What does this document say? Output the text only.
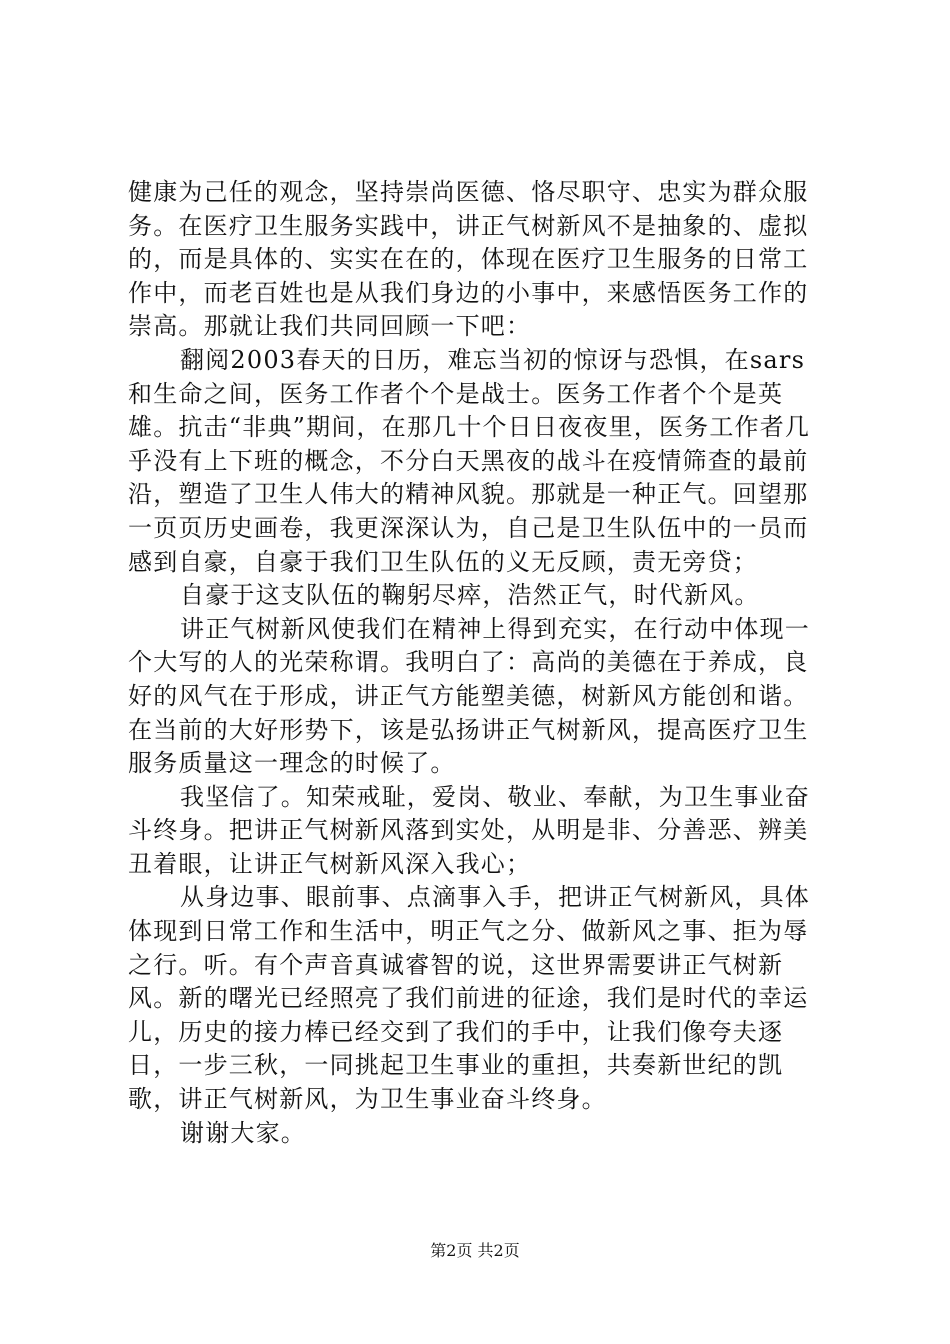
健康为己任的观念，坚持崇尚医德、恪尽职守、忠实为群众服务。在医疗卫生服务实践中，讲正气树新风不是抽象的、虚拟的，而是具体的、实实在在的，体现在医疗卫生服务的日常工作中，而老百姓也是从我们身边的小事中，来感悟医务工作的崇高。那就让我们共同回顾一下吧：

翻阅2003春天的日历，难忘当初的惊讶与恐惧，在sars和生命之间，医务工作者个个是战士。医务工作者个个是英雄。抗击“非典”期间，在那几十个日日夜夜里，医务工作者几乎没有上下班的概念，不分白天黑夜的战斗在疫情筛查的最前沿，塑造了卫生人伟大的精神风貌。那就是一种正气。回望那一页页历史画卷，我更深深认为，自己是卫生队伍中的一员而感到自豪，自豪于我们卫生队伍的义无反顾，责无旁贷；

自豪于这支队伍的鞠躬尽瘁，浩然正气，时代新风。

讲正气树新风使我们在精神上得到充实，在行动中体现一个大写的人的光荣称谓。我明白了：高尚的美德在于养成，良好的风气在于形成，讲正气方能塑美德，树新风方能创和谐。在当前的大好形势下，该是弘扬讲正气树新风，提高医疗卫生服务质量这一理念的时候了。

我坚信了。知荣戒耻，爱岗、敬业、奉献，为卫生事业奋斗终身。把讲正气树新风落到实处，从明是非、分善恶、辨美丑着眼，让讲正气树新风深入我心；

从身边事、眼前事、点滴事入手，把讲正气树新风，具体体现到日常工作和生活中，明正气之分、做新风之事、拒为辱之行。听。有个声音真诚睿智的说，这世界需要讲正气树新风。新的曙光已经照亮了我们前进的征途，我们是时代的幸运儿，历史的接力棒已经交到了我们的手中，让我们像夸夫逐日，一步三秋，一同挑起卫生事业的重担，共奏新世纪的凯歌，讲正气树新风，为卫生事业奋斗终身。

谢谢大家。

第2页 共2页
